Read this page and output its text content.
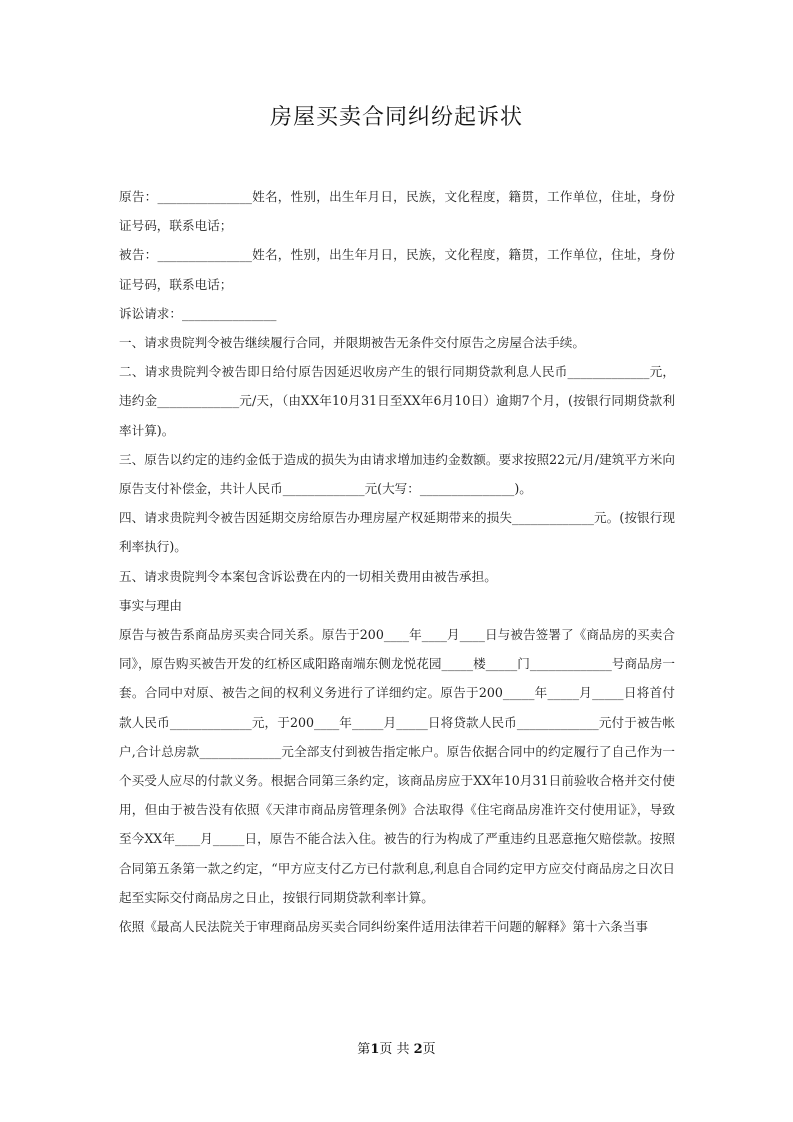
房屋买卖合同纠纷起诉状

原告：_______________姓名，性别，出生年月日，民族，文化程度，籍贯，工作单位，住址，身份证号码，联系电话；

被告：_______________姓名，性别，出生年月日，民族，文化程度，籍贯，工作单位，住址，身份证号码，联系电话；

诉讼请求：_______________

一、请求贵院判令被告继续履行合同，并限期被告无条件交付原告之房屋合法手续。

二、请求贵院判令被告即日给付原告因延迟收房产生的银行同期贷款利息人民币_____________元，违约金_____________元/天，（由XX年10月31日至XX年6月10日）逾期7个月，(按银行同期贷款利率计算)。

三、原告以约定的违约金低于造成的损失为由请求增加违约金数额。要求按照22元/月/建筑平方米向原告支付补偿金，共计人民币_____________元(大写：_______________)。

四、请求贵院判令被告因延期交房给原告办理房屋产权延期带来的损失_____________元。(按银行现利率执行)。

五、请求贵院判令本案包含诉讼费在内的一切相关费用由被告承担。

事实与理由

原告与被告系商品房买卖合同关系。原告于200____年____月____日与被告签署了《商品房的买卖合同》，原告购买被告开发的红桥区咸阳路南端东侧龙悦花园_____楼_____门_____________号商品房一套。合同中对原、被告之间的权利义务进行了详细约定。原告于200_____年_____月_____日将首付款人民币_____________元，于200____年_____月_____日将贷款人民币_____________元付于被告帐户,合计总房款_____________元全部支付到被告指定帐户。原告依据合同中的约定履行了自己作为一个买受人应尽的付款义务。根据合同第三条约定，该商品房应于XX年10月31日前验收合格并交付使用，但由于被告没有依照《天津市商品房管理条例》合法取得《住宅商品房准许交付使用证》，导致至今XX年____月_____日，原告不能合法入住。被告的行为构成了严重违约且恶意拖欠赔偿款。按照合同第五条第一款之约定，“甲方应支付乙方已付款利息,利息自合同约定甲方应交付商品房之日次日起至实际交付商品房之日止，按银行同期贷款利率计算。

依照《最高人民法院关于审理商品房买卖合同纠纷案件适用法律若干问题的解释》第十六条当事

第1页 共 2页
